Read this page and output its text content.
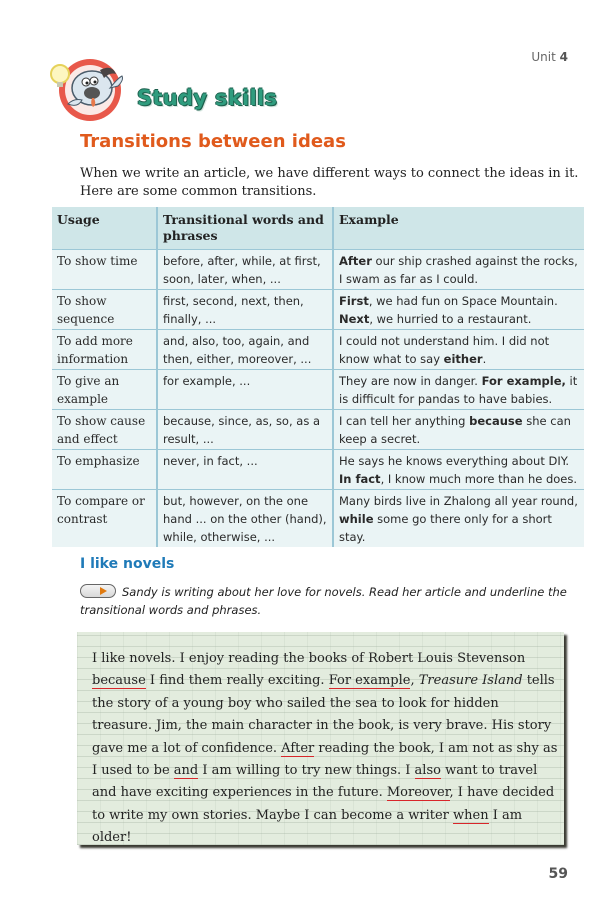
Unit 4
Study skills
Transitions between ideas
When we write an article, we have different ways to connect the ideas in it. Here are some common transitions.
Usage	Transitional words and phrases	Example
To show time	before, after, while, at first, soon, later, when, ...	After our ship crashed against the rocks, I swam as far as I could.
To show sequence	first, second, next, then, finally, ...	First, we had fun on Space Mountain. Next, we hurried to a restaurant.
To add more information	and, also, too, again, and then, either, moreover, ...	I could not understand him. I did not know what to say either.
To give an example	for example, ...	They are now in danger. For example, it is difficult for pandas to have babies.
To show cause and effect	because, since, as, so, as a result, ...	I can tell her anything because she can keep a secret.
To emphasize	never, in fact, ...	He says he knows everything about DIY. In fact, I know much more than he does.
To compare or contrast	but, however, on the one hand ... on the other (hand), while, otherwise, ...	Many birds live in Zhalong all year round, while some go there only for a short stay.
I like novels
Sandy is writing about her love for novels. Read her article and underline the transitional words and phrases.
I like novels. I enjoy reading the books of Robert Louis Stevenson because I find them really exciting. For example, Treasure Island tells the story of a young boy who sailed the sea to look for hidden treasure. Jim, the main character in the book, is very brave. His story gave me a lot of confidence. After reading the book, I am not as shy as I used to be and I am willing to try new things. I also want to travel and have exciting experiences in the future. Moreover, I have decided to write my own stories. Maybe I can become a writer when I am older!
59
